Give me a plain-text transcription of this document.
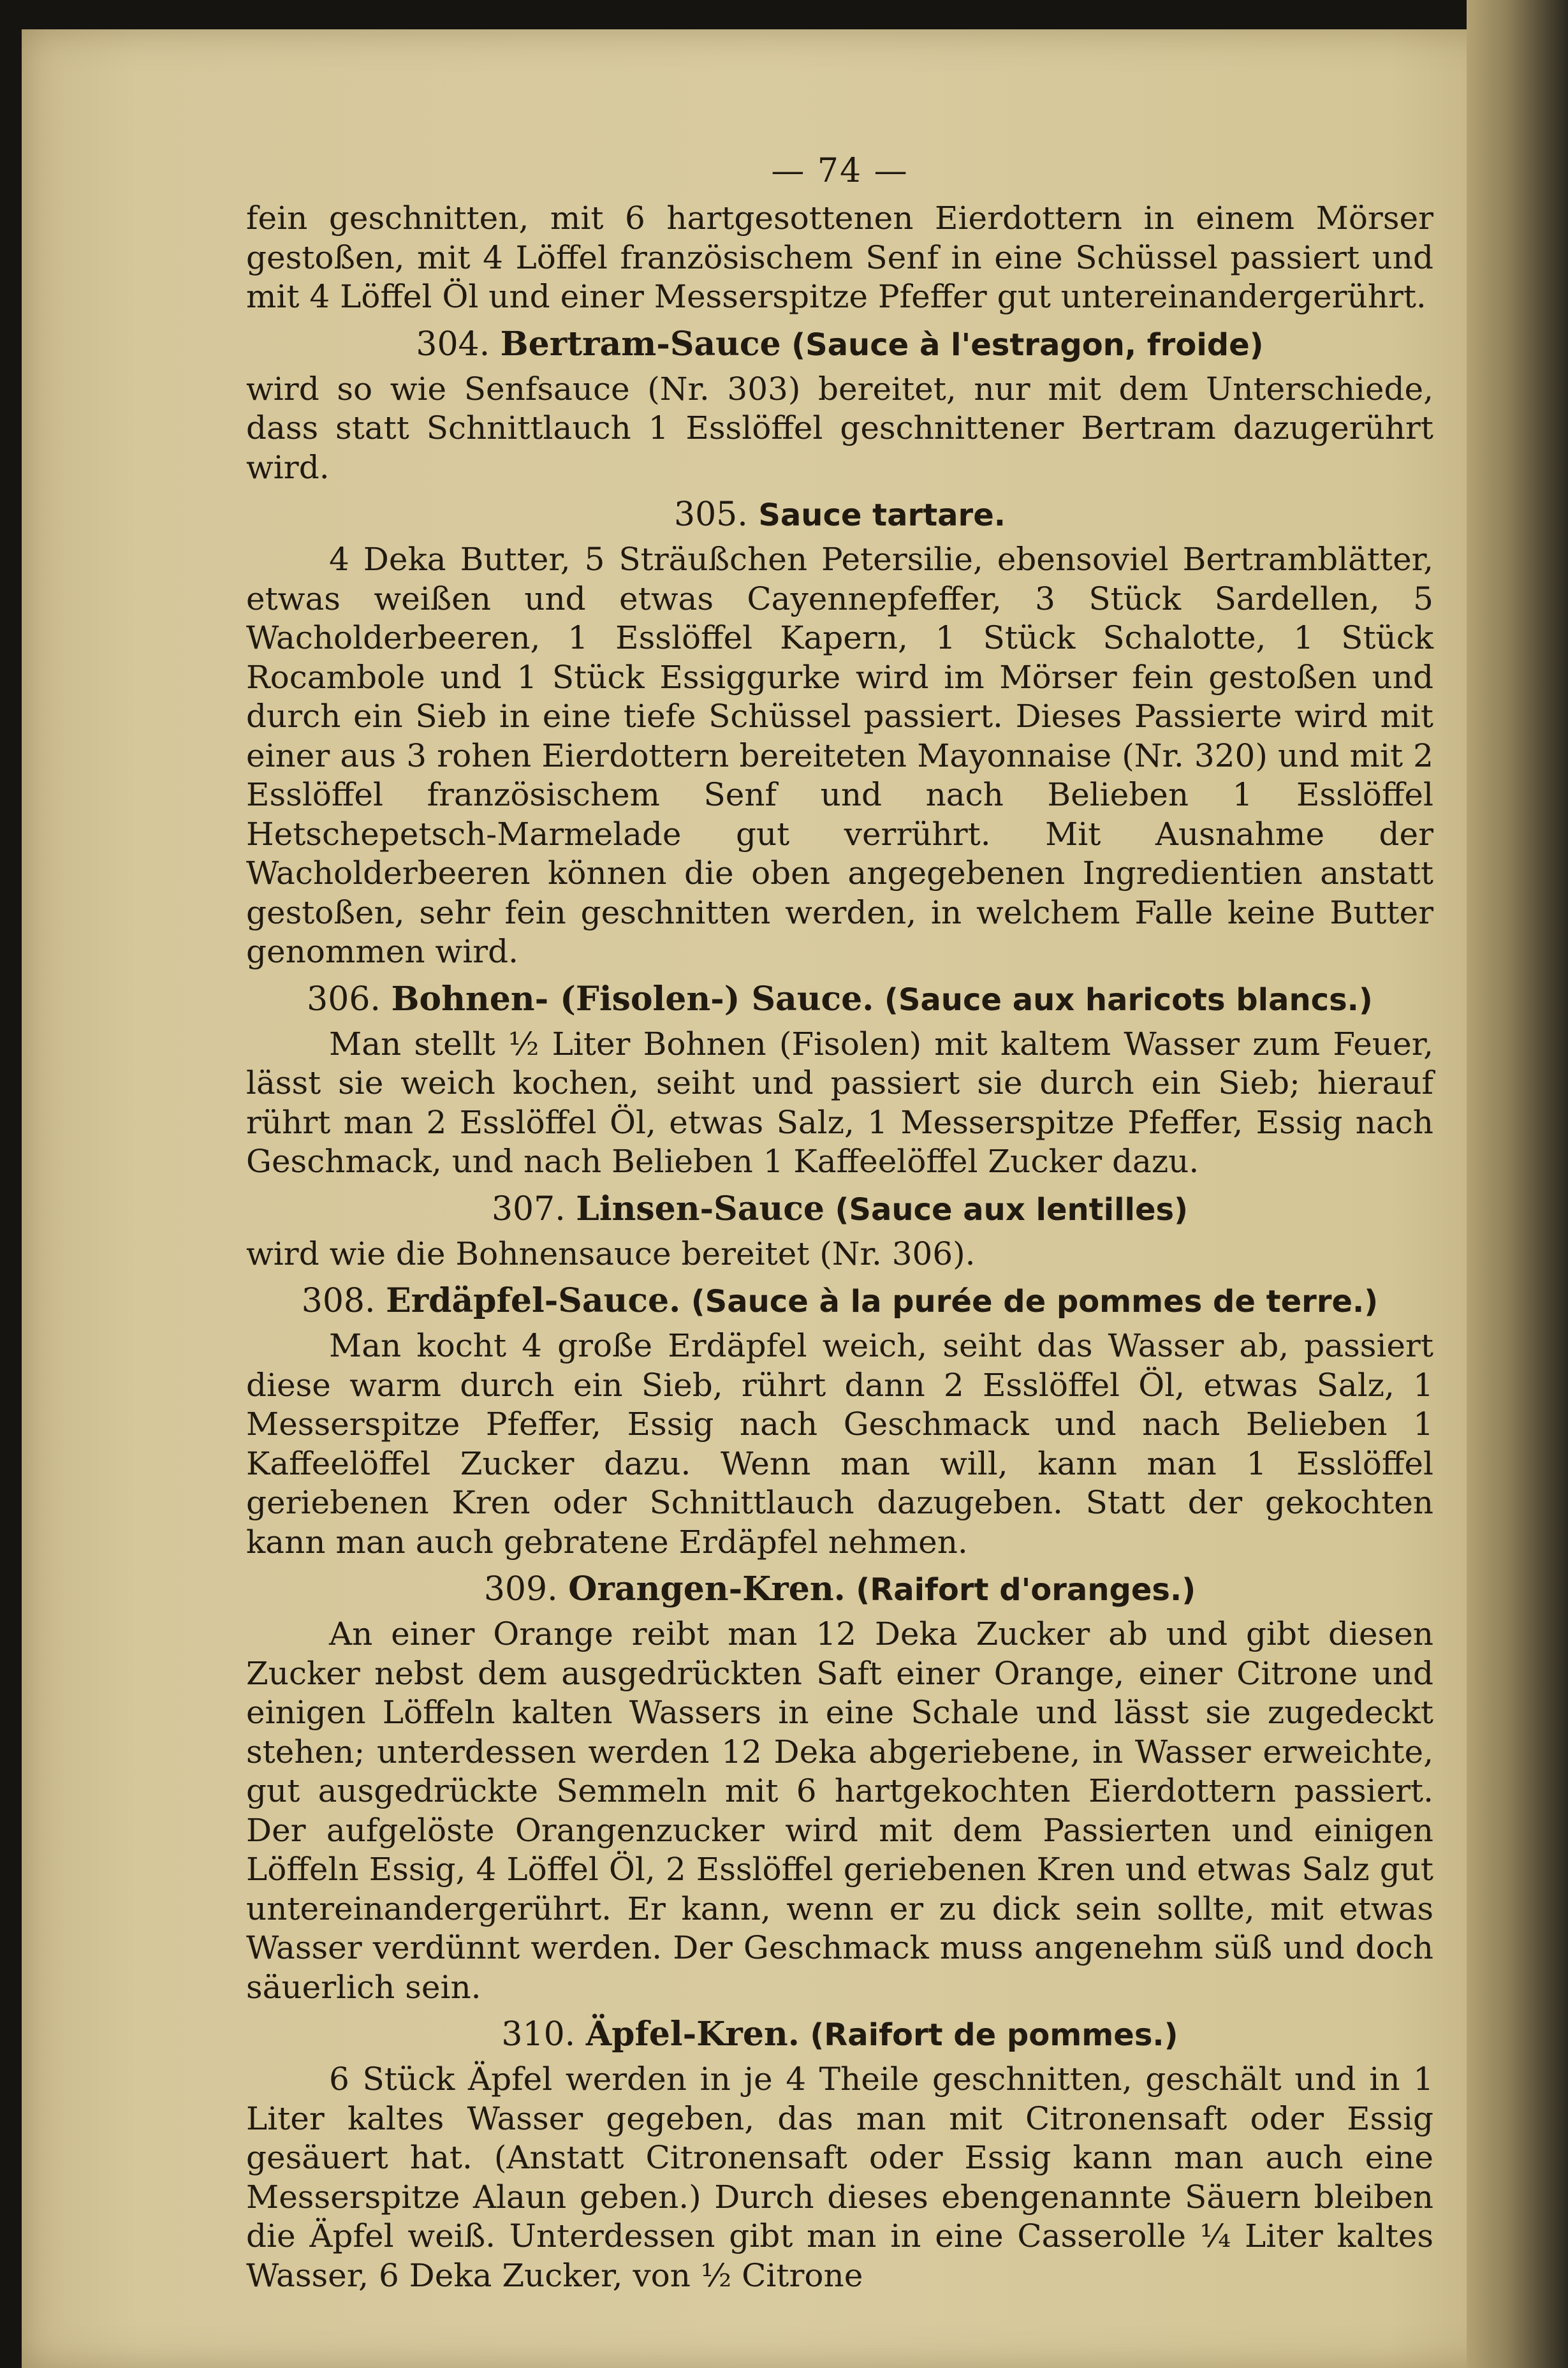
— 74 —

fein geschnitten, mit 6 hartgesottenen Eierdottern in einem Mörser gestoßen, mit 4 Löffel französischem Senf in eine Schüssel passiert und mit 4 Löffel Öl und einer Messerspitze Pfeffer gut untereinandergerührt.

304. Bertram-Sauce (Sauce à l'estragon, froide)

wird so wie Senfsauce (Nr. 303) bereitet, nur mit dem Unterschiede, dass statt Schnittlauch 1 Esslöffel geschnittener Bertram dazugerührt wird.

305. Sauce tartare.

4 Deka Butter, 5 Sträußchen Petersilie, ebensoviel Bertramblätter, etwas weißen und etwas Cayennepfeffer, 3 Stück Sardellen, 5 Wacholderbeeren, 1 Esslöffel Kapern, 1 Stück Schalotte, 1 Stück Rocambole und 1 Stück Essiggurke wird im Mörser fein gestoßen und durch ein Sieb in eine tiefe Schüssel passiert. Dieses Passierte wird mit einer aus 3 rohen Eierdottern bereiteten Mayonnaise (Nr. 320) und mit 2 Esslöffel französischem Senf und nach Belieben 1 Esslöffel Hetschepetsch-Marmelade gut verrührt. Mit Ausnahme der Wacholderbeeren können die oben angegebenen Ingredientien anstatt gestoßen, sehr fein geschnitten werden, in welchem Falle keine Butter genommen wird.

306. Bohnen- (Fisolen-) Sauce. (Sauce aux haricots blancs.)

Man stellt ½ Liter Bohnen (Fisolen) mit kaltem Wasser zum Feuer, lässt sie weich kochen, seiht und passiert sie durch ein Sieb; hierauf rührt man 2 Esslöffel Öl, etwas Salz, 1 Messerspitze Pfeffer, Essig nach Geschmack, und nach Belieben 1 Kaffeelöffel Zucker dazu.

307. Linsen-Sauce (Sauce aux lentilles)

wird wie die Bohnensauce bereitet (Nr. 306).

308. Erdäpfel-Sauce. (Sauce à la purée de pommes de terre.)

Man kocht 4 große Erdäpfel weich, seiht das Wasser ab, passiert diese warm durch ein Sieb, rührt dann 2 Esslöffel Öl, etwas Salz, 1 Messerspitze Pfeffer, Essig nach Geschmack und nach Belieben 1 Kaffeelöffel Zucker dazu. Wenn man will, kann man 1 Esslöffel geriebenen Kren oder Schnittlauch dazugeben. Statt der gekochten kann man auch gebratene Erdäpfel nehmen.

309. Orangen-Kren. (Raifort d'oranges.)

An einer Orange reibt man 12 Deka Zucker ab und gibt diesen Zucker nebst dem ausgedrückten Saft einer Orange, einer Citrone und einigen Löffeln kalten Wassers in eine Schale und lässt sie zugedeckt stehen; unterdessen werden 12 Deka abgeriebene, in Wasser erweichte, gut ausgedrückte Semmeln mit 6 hartgekochten Eierdottern passiert. Der aufgelöste Orangenzucker wird mit dem Passierten und einigen Löffeln Essig, 4 Löffel Öl, 2 Esslöffel geriebenen Kren und etwas Salz gut untereinandergerührt. Er kann, wenn er zu dick sein sollte, mit etwas Wasser verdünnt werden. Der Geschmack muss angenehm süß und doch säuerlich sein.

310. Äpfel-Kren. (Raifort de pommes.)

6 Stück Äpfel werden in je 4 Theile geschnitten, geschält und in 1 Liter kaltes Wasser gegeben, das man mit Citronensaft oder Essig gesäuert hat. (Anstatt Citronensaft oder Essig kann man auch eine Messerspitze Alaun geben.) Durch dieses ebengenannte Säuern bleiben die Äpfel weiß. Unterdessen gibt man in eine Casserolle ¼ Liter kaltes Wasser, 6 Deka Zucker, von ½ Citrone
